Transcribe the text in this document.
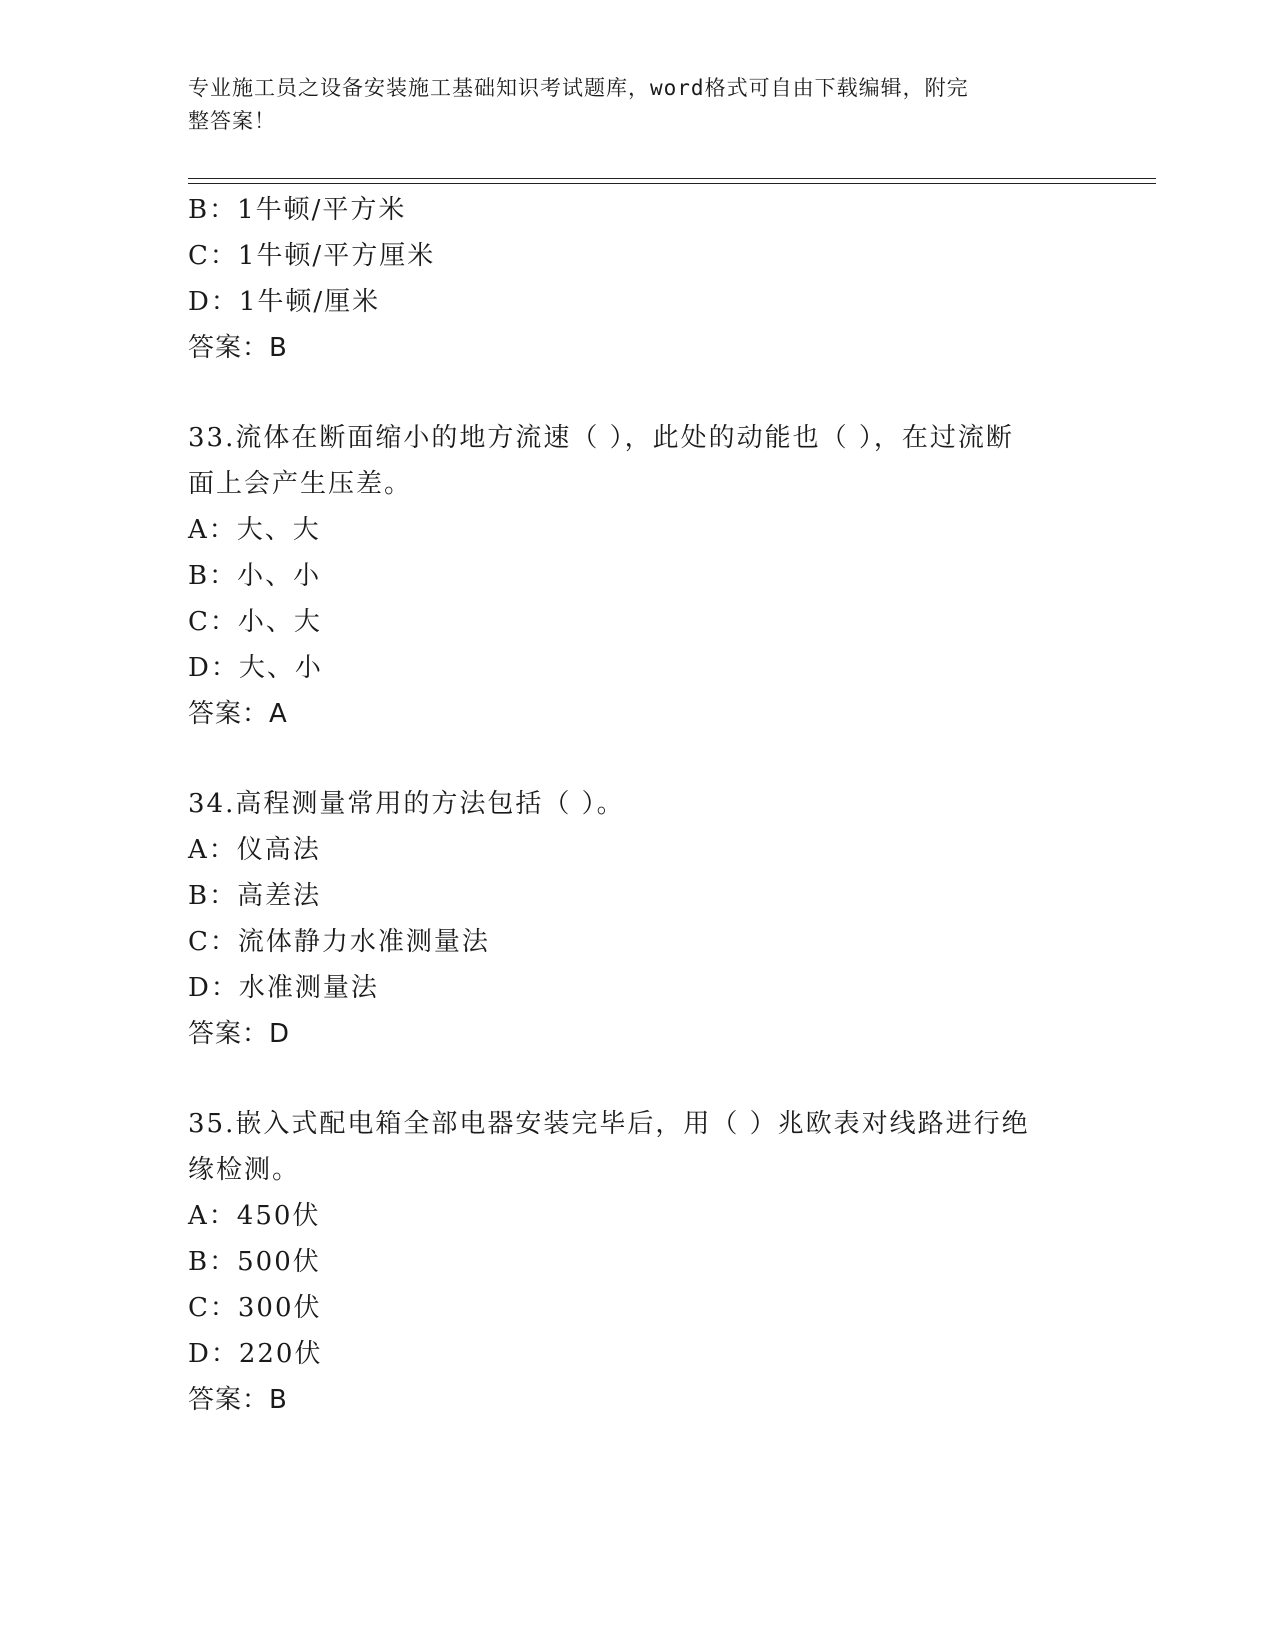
专业施工员之设备安装施工基础知识考试题库，word格式可自由下载编辑，附完
整答案！
B：1牛顿/平方米
C：1牛顿/平方厘米
D：1牛顿/厘米
答案：B
33.流体在断面缩小的地方流速（ ），此处的动能也（ ），在过流断
面上会产生压差。
A：大、大
B：小、小
C：小、大
D：大、小
答案：A
34.高程测量常用的方法包括（ ）。
A：仪高法
B：高差法
C：流体静力水准测量法
D：水准测量法
答案：D
35.嵌入式配电箱全部电器安装完毕后，用（ ）兆欧表对线路进行绝
缘检测。
A：450伏
B：500伏
C：300伏
D：220伏
答案：B
